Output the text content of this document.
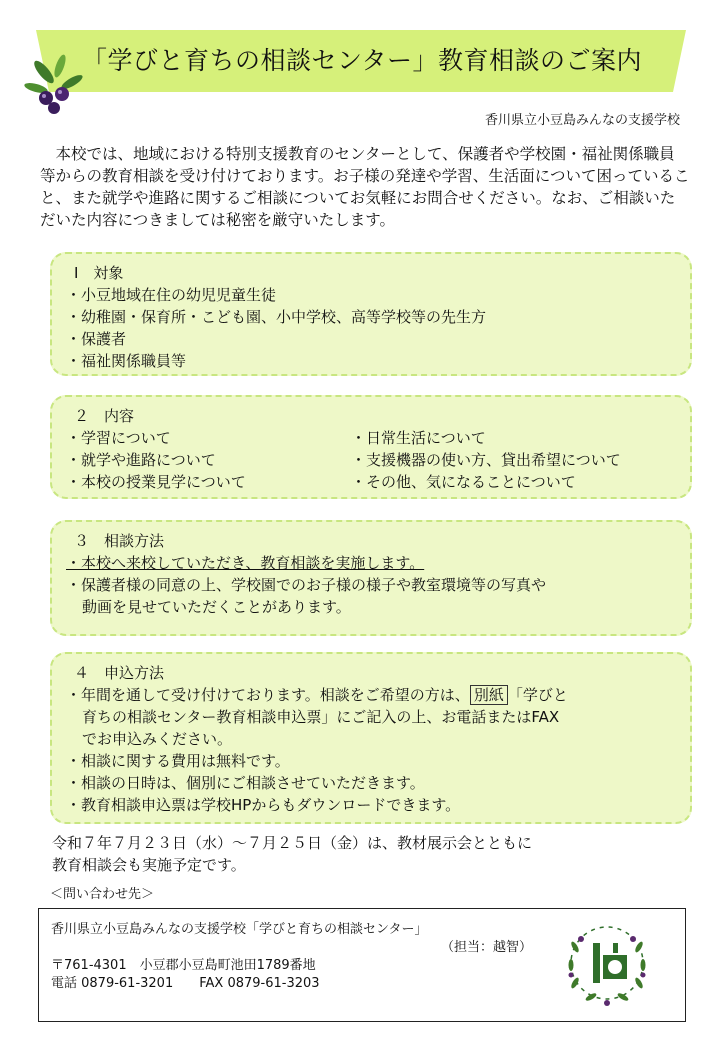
「学びと育ちの相談センター」教育相談のご案内
香川県立小豆島みんなの支援学校
本校では、地域における特別支援教育のセンターとして、保護者や学校園・福祉関係職員等からの教育相談を受け付けております。お子様の発達や学習、生活面について困っていること、また就学や進路に関するご相談についてお気軽にお問合せください。なお、ご相談いただいた内容につきましては秘密を厳守いたします。
Ⅰ　対象
・小豆地域在住の幼児児童生徒
・幼稚園・保育所・こども園、小中学校、高等学校等の先生方
・保護者
・福祉関係職員等
２　内容
・学習について
・就学や進路について
・本校の授業見学について
・日常生活について
・支援機器の使い方、貸出希望について
・その他、気になることについて
３　相談方法
・本校へ来校していただき、教育相談を実施します。
・保護者様の同意の上、学校園でのお子様の様子や教室環境等の写真や
動画を見せていただくことがあります。
４　申込方法
・年間を通して受け付けております。相談をご希望の方は、 別紙 「学びと
育ちの相談センター教育相談申込票」にご記入の上、お電話またはFAX
でお申込みください。
・相談に関する費用は無料です。
・相談の日時は、個別にご相談させていただきます。
・教育相談申込票は学校HPからもダウンロードできます。
令和７年７月２３日（水）～７月２５日（金）は、教材展示会とともに
教育相談会も実施予定です。
＜問い合わせ先＞
香川県立小豆島みんなの支援学校「学びと育ちの相談センター」
（担当：越智）
〒761-4301　小豆郡小豆島町池田1789番地
電話 0879-61-3201　　FAX 0879-61-3203
